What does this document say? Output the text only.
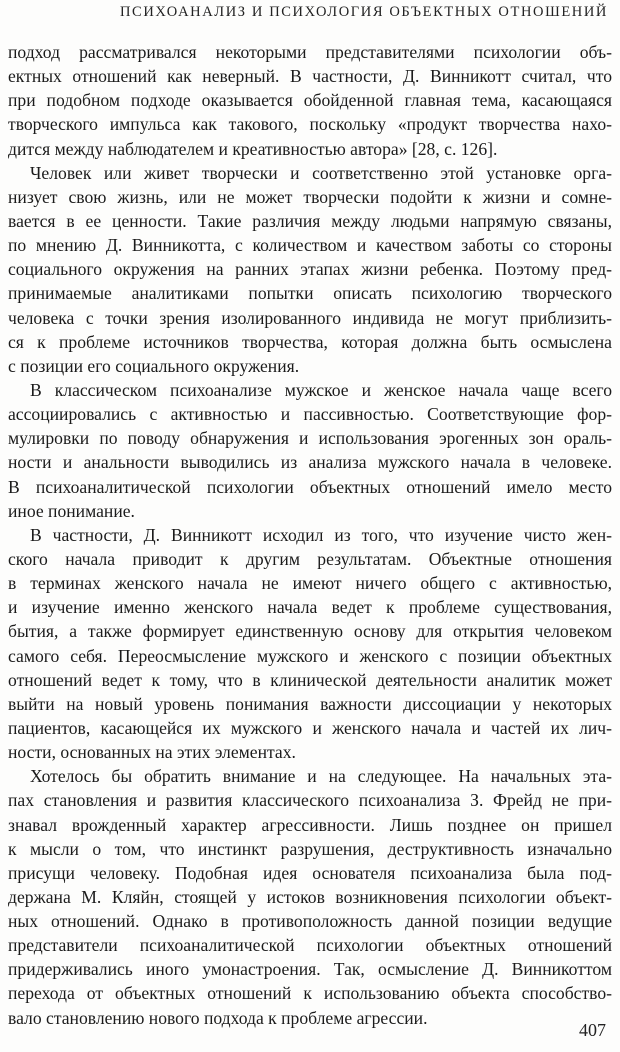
ПСИХОАНАЛИЗ И ПСИХОЛОГИЯ ОБЪЕКТНЫХ ОТНОШЕНИЙ
подход рассматривался некоторыми представителями психологии объ-
ектных отношений как неверный. В частности, Д. Винникотт считал, что
при подобном подходе оказывается обойденной главная тема, касающаяся
творческого импульса как такового, поскольку «продукт творчества нахо-
дится между наблюдателем и креативностью автора» [28, с. 126].
Человек или живет творчески и соответственно этой установке орга-
низует свою жизнь, или не может творчески подойти к жизни и сомне-
вается в ее ценности. Такие различия между людьми напрямую связаны,
по мнению Д. Винникотта, с количеством и качеством заботы со стороны
социального окружения на ранних этапах жизни ребенка. Поэтому пред-
принимаемые аналитиками попытки описать психологию творческого
человека с точки зрения изолированного индивида не могут приблизить-
ся к проблеме источников творчества, которая должна быть осмыслена
с позиции его социального окружения.
В классическом психоанализе мужское и женское начала чаще всего
ассоциировались с активностью и пассивностью. Соответствующие фор-
мулировки по поводу обнаружения и использования эрогенных зон ораль-
ности и анальности выводились из анализа мужского начала в человеке.
В психоаналитической психологии объектных отношений имело место
иное понимание.
В частности, Д. Винникотт исходил из того, что изучение чисто жен-
ского начала приводит к другим результатам. Объектные отношения
в терминах женского начала не имеют ничего общего с активностью,
и изучение именно женского начала ведет к проблеме существования,
бытия, а также формирует единственную основу для открытия человеком
самого себя. Переосмысление мужского и женского с позиции объектных
отношений ведет к тому, что в клинической деятельности аналитик может
выйти на новый уровень понимания важности диссоциации у некоторых
пациентов, касающейся их мужского и женского начала и частей их лич-
ности, основанных на этих элементах.
Хотелось бы обратить внимание и на следующее. На начальных эта-
пах становления и развития классического психоанализа З. Фрейд не при-
знавал врожденный характер агрессивности. Лишь позднее он пришел
к мысли о том, что инстинкт разрушения, деструктивность изначально
присущи человеку. Подобная идея основателя психоанализа была под-
держана М. Кляйн, стоящей у истоков возникновения психологии объект-
ных отношений. Однако в противоположность данной позиции ведущие
представители психоаналитической психологии объектных отношений
придерживались иного умонастроения. Так, осмысление Д. Винникоттом
перехода от объектных отношений к использованию объекта способство-
вало становлению нового подхода к проблеме агрессии.
407
